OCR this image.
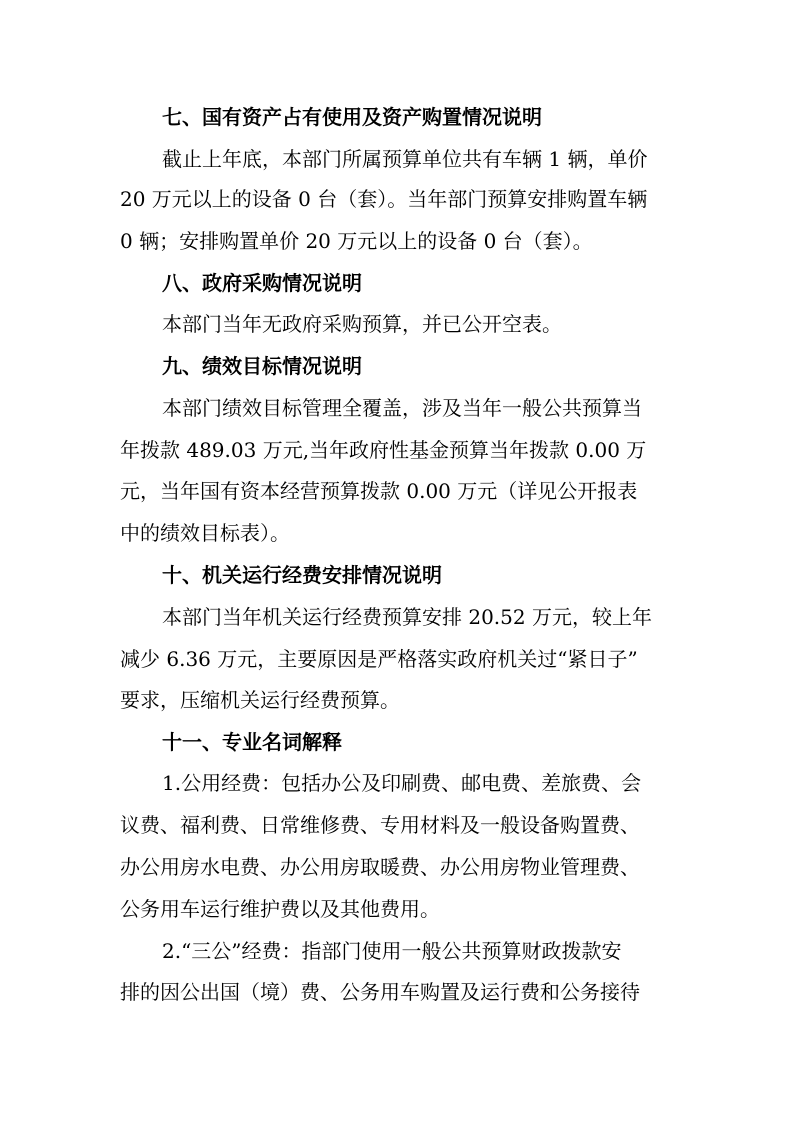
七、国有资产占有使用及资产购置情况说明
截止上年底，本部门所属预算单位共有车辆 1 辆，单价
20 万元以上的设备 0 台（套）。当年部门预算安排购置车辆
0 辆；安排购置单价 20 万元以上的设备 0 台（套）。
八、政府采购情况说明
本部门当年无政府采购预算，并已公开空表。
九、绩效目标情况说明
本部门绩效目标管理全覆盖，涉及当年一般公共预算当
年拨款 489.03 万元,当年政府性基金预算当年拨款 0.00 万
元，当年国有资本经营预算拨款 0.00 万元（详见公开报表
中的绩效目标表）。
十、机关运行经费安排情况说明
本部门当年机关运行经费预算安排 20.52 万元，较上年
减少 6.36 万元，主要原因是严格落实政府机关过“紧日子”
要求，压缩机关运行经费预算。
十一、专业名词解释
1.公用经费：包括办公及印刷费、邮电费、差旅费、会
议费、福利费、日常维修费、专用材料及一般设备购置费、
办公用房水电费、办公用房取暖费、办公用房物业管理费、
公务用车运行维护费以及其他费用。
2.“三公”经费：指部门使用一般公共预算财政拨款安
排的因公出国（境）费、公务用车购置及运行费和公务接待
